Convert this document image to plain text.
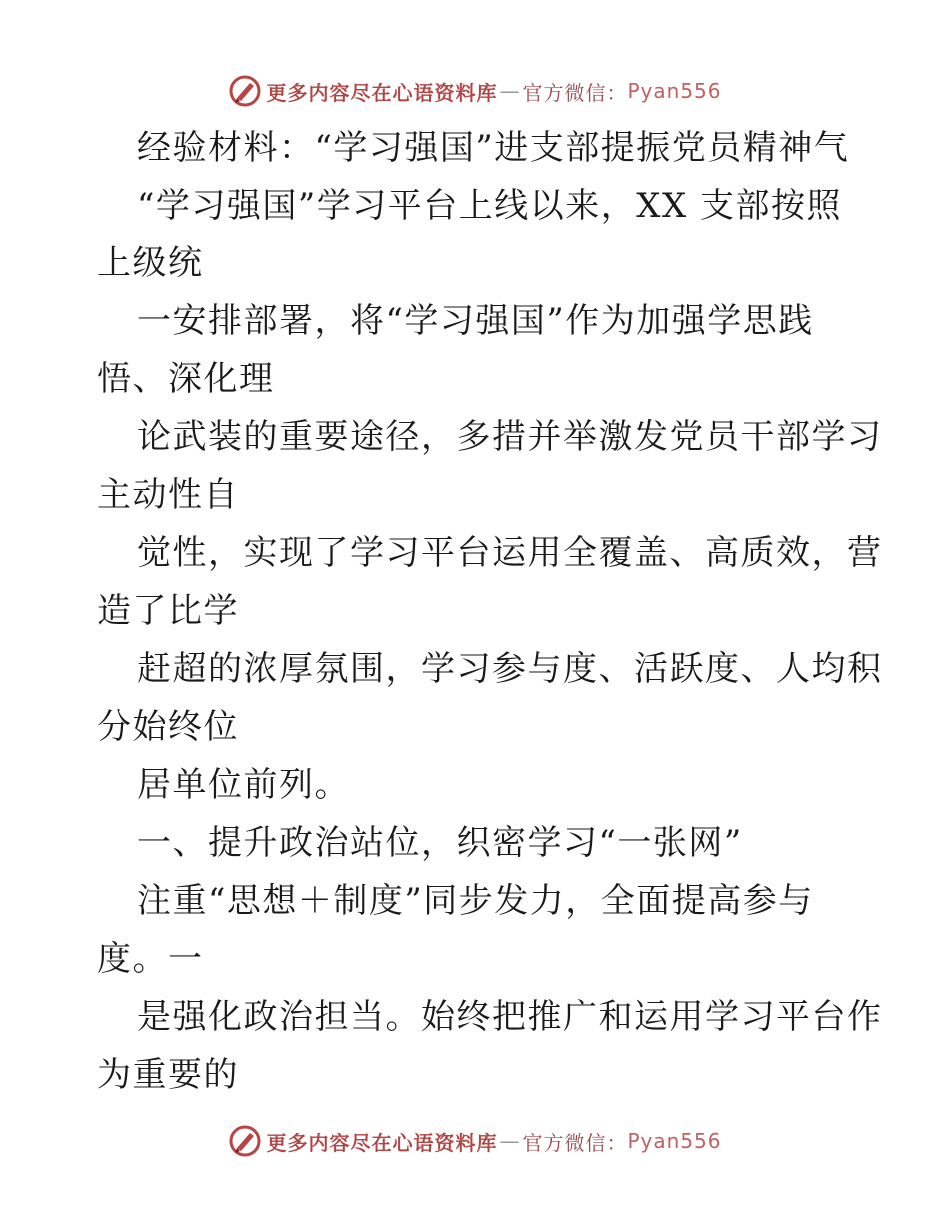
更多内容尽在心语资料库 — 官方微信： Pyan556
经验材料：“学习强国”进支部提振党员精神气
“学习强国”学习平台上线以来，XX 支部按照
上级统
一安排部署，将“学习强国”作为加强学思践
悟、深化理
论武装的重要途径，多措并举激发党员干部学习
主动性自
觉性，实现了学习平台运用全覆盖、高质效，营
造了比学
赶超的浓厚氛围，学习参与度、活跃度、人均积
分始终位
居单位前列。
一、提升政治站位，织密学习“一张网”
注重“思想＋制度”同步发力，全面提高参与
度。一
是强化政治担当。始终把推广和运用学习平台作
为重要的
更多内容尽在心语资料库 — 官方微信： Pyan556
